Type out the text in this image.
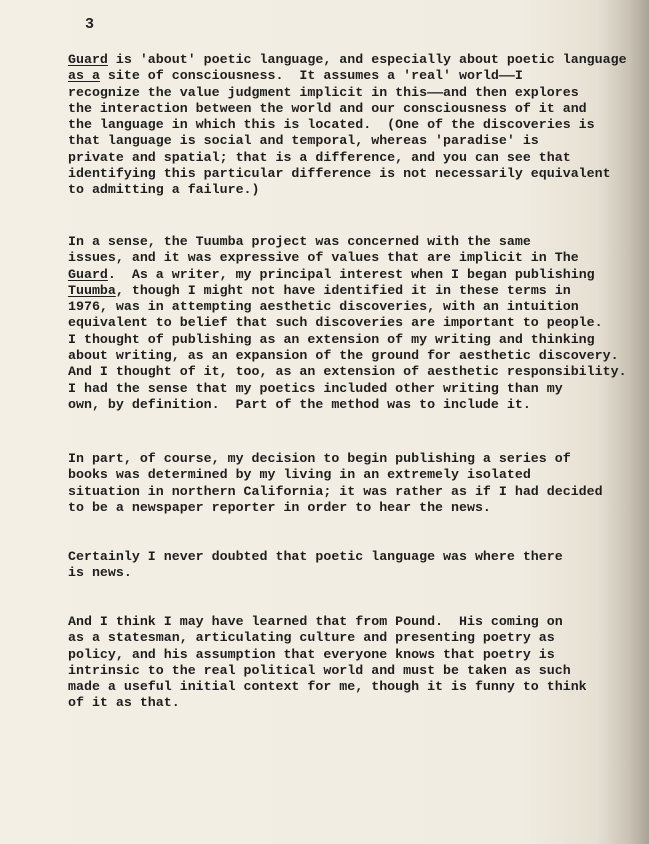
3
Guard is 'about' poetic language, and especially about poetic language
as a site of consciousness.  It assumes a 'real' world——I
recognize the value judgment implicit in this——and then explores
the interaction between the world and our consciousness of it and
the language in which this is located.  (One of the discoveries is
that language is social and temporal, whereas 'paradise' is
private and spatial; that is a difference, and you can see that
identifying this particular difference is not necessarily equivalent
to admitting a failure.)
In a sense, the Tuumba project was concerned with the same
issues, and it was expressive of values that are implicit in The
Guard.  As a writer, my principal interest when I began publishing
Tuumba, though I might not have identified it in these terms in
1976, was in attempting aesthetic discoveries, with an intuition
equivalent to belief that such discoveries are important to people.
I thought of publishing as an extension of my writing and thinking
about writing, as an expansion of the ground for aesthetic discovery.
And I thought of it, too, as an extension of aesthetic responsibility.
I had the sense that my poetics included other writing than my
own, by definition.  Part of the method was to include it.
In part, of course, my decision to begin publishing a series of
books was determined by my living in an extremely isolated
situation in northern California; it was rather as if I had decided
to be a newspaper reporter in order to hear the news.
Certainly I never doubted that poetic language was where there
is news.
And I think I may have learned that from Pound.  His coming on
as a statesman, articulating culture and presenting poetry as
policy, and his assumption that everyone knows that poetry is
intrinsic to the real political world and must be taken as such
made a useful initial context for me, though it is funny to think
of it as that.
